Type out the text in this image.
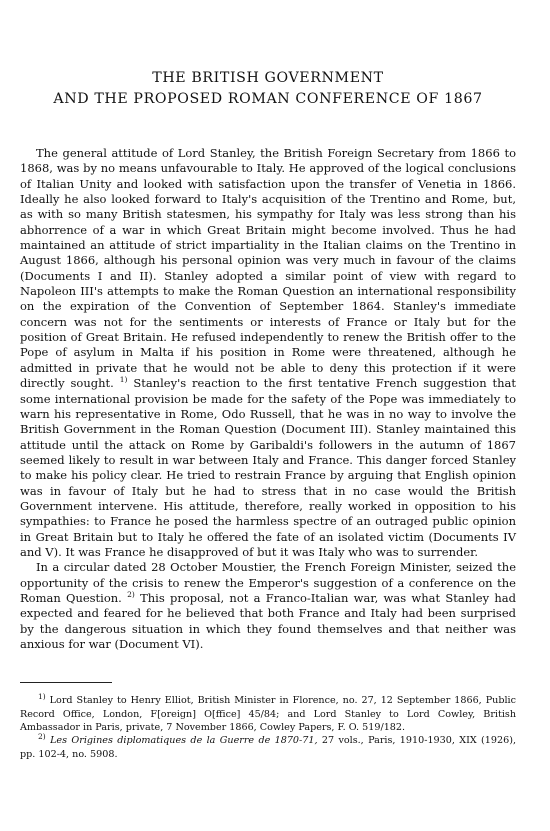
THE BRITISH GOVERNMENT
AND THE PROPOSED ROMAN CONFERENCE OF 1867

The general attitude of Lord Stanley, the British Foreign Secretary from 1866 to 1868, was by no means unfavourable to Italy. He approved of the logical conclusions of Italian Unity and looked with satisfaction upon the transfer of Venetia in 1866. Ideally he also looked forward to Italy's acquisition of the Trentino and Rome, but, as with so many British statesmen, his sympathy for Italy was less strong than his abhorrence of a war in which Great Britain might become involved. Thus he had maintained an attitude of strict impartiality in the Italian claims on the Trentino in August 1866, although his personal opinion was very much in favour of the claims (Documents I and II). Stanley adopted a similar point of view with regard to Napoleon III's attempts to make the Roman Question an international responsibility on the expiration of the Convention of September 1864. Stanley's immediate concern was not for the sentiments or interests of France or Italy but for the position of Great Britain. He refused independently to renew the British offer to the Pope of asylum in Malta if his position in Rome were threatened, although he admitted in private that he would not be able to deny this protection if it were directly sought. $^{1)}$ Stanley's reaction to the first tentative French suggestion that some international provision be made for the safety of the Pope was immediately to warn his representative in Rome, Odo Russell, that he was in no way to involve the British Government in the Roman Question (Document III). Stanley maintained this attitude until the attack on Rome by Garibaldi's followers in the autumn of 1867 seemed likely to result in war between Italy and France. This danger forced Stanley to make his policy clear. He tried to restrain France by arguing that English opinion was in favour of Italy but he had to stress that in no case would the British Government intervene. His attitude, therefore, really worked in opposition to his sympathies: to France he posed the harmless spectre of an outraged public opinion in Great Britain but to Italy he offered the fate of an isolated victim (Documents IV and V). It was France he disapproved of but it was Italy who was to surrender.

In a circular dated 28 October Moustier, the French Foreign Minister, seized the opportunity of the crisis to renew the Emperor's suggestion of a conference on the Roman Question. $^{2)}$ This proposal, not a Franco-Italian war, was what Stanley had expected and feared for he believed that both France and Italy had been surprised by the dangerous situation in which they found themselves and that neither was anxious for war (Document VI).

$^{1)}$ Lord Stanley to Henry Elliot, British Minister in Florence, no. 27, 12 September 1866, Public Record Office, London, F[oreign] O[ffice] 45/84; and Lord Stanley to Lord Cowley, British Ambassador in Paris, private, 7 November 1866, Cowley Papers, F. O. 519/182.

$^{2)}$ Les Origines diplomatiques de la Guerre de 1870-71, 27 vols., Paris, 1910-1930, XIX (1926), pp. 102-4, no. 5908.
